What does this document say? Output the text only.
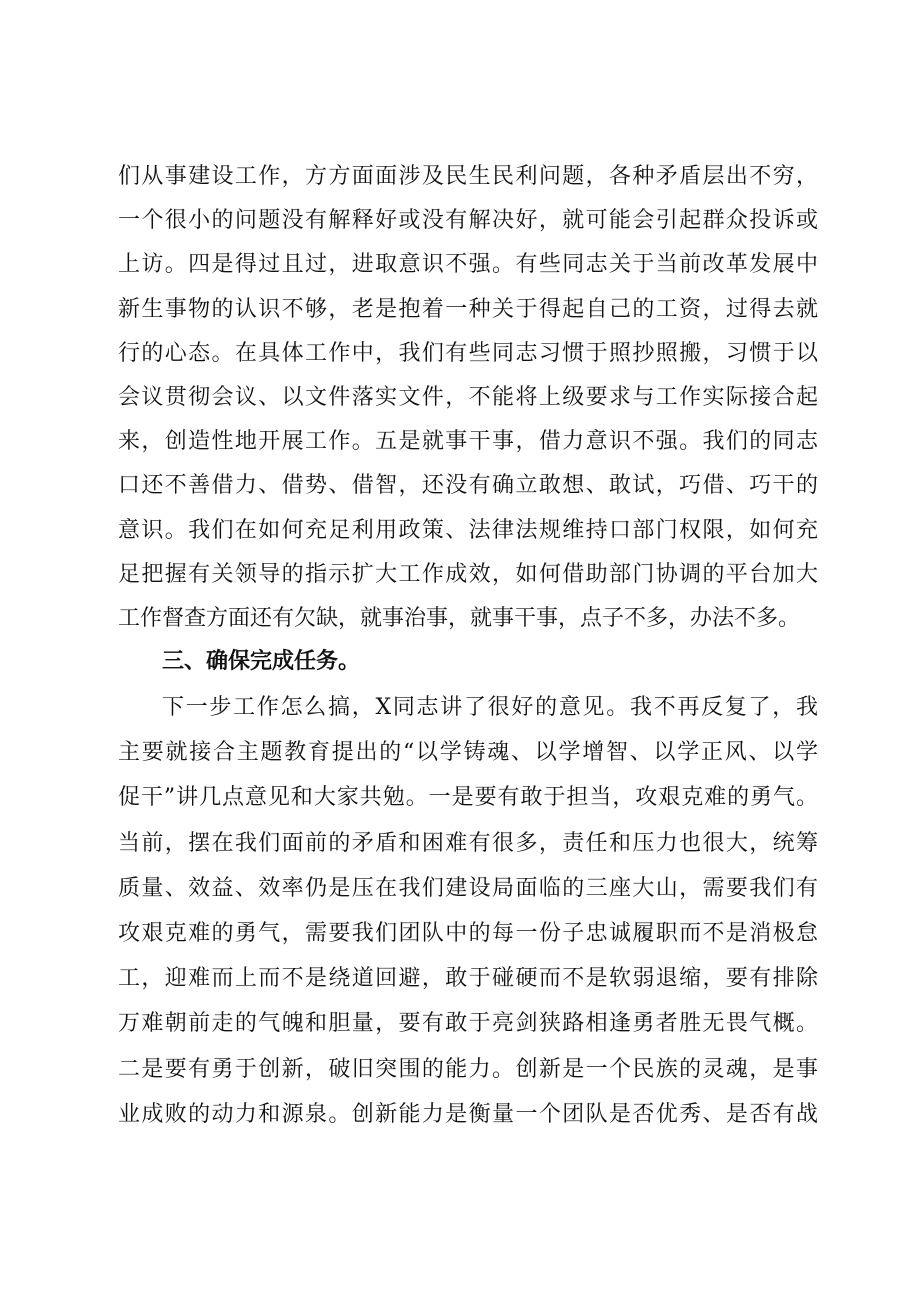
们从事建设工作，方方面面涉及民生民利问题，各种矛盾层出不穷，
一个很小的问题没有解释好或没有解决好，就可能会引起群众投诉或
上访。四是得过且过，进取意识不强。有些同志关于当前改革发展中
新生事物的认识不够，老是抱着一种关于得起自己的工资，过得去就
行的心态。在具体工作中，我们有些同志习惯于照抄照搬，习惯于以
会议贯彻会议、以文件落实文件，不能将上级要求与工作实际接合起
来，创造性地开展工作。五是就事干事，借力意识不强。我们的同志
口还不善借力、借势、借智，还没有确立敢想、敢试，巧借、巧干的
意识。我们在如何充足利用政策、法律法规维持口部门权限，如何充
足把握有关领导的指示扩大工作成效，如何借助部门协调的平台加大
三、确保完成任务。
下一步工作怎么搞，X同志讲了很好的意见。我不再反复了，我
主要就接合主题教育提出的“以学铸魂、以学增智、以学正风、以学
促干”讲几点意见和大家共勉。一是要有敢于担当，攻艰克难的勇气。
当前，摆在我们面前的矛盾和困难有很多，责任和压力也很大，统筹
质量、效益、效率仍是压在我们建设局面临的三座大山，需要我们有
攻艰克难的勇气，需要我们团队中的每一份子忠诚履职而不是消极怠
工，迎难而上而不是绕道回避，敢于碰硬而不是软弱退缩，要有排除
万难朝前走的气魄和胆量，要有敢于亮剑狭路相逢勇者胜无畏气概。
二是要有勇于创新，破旧突围的能力。创新是一个民族的灵魂，是事
业成败的动力和源泉。创新能力是衡量一个团队是否优秀、是否有战
工作督查方面还有欠缺，就事治事，就事干事，点子不多，办法不多。
